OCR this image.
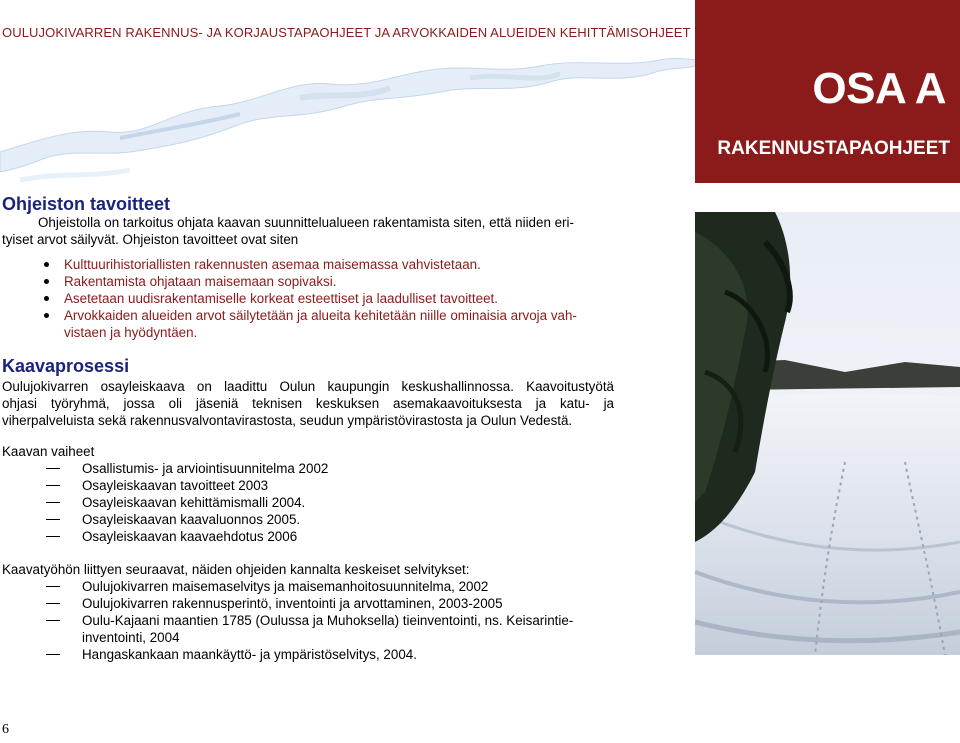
OULUJOKIVARREN RAKENNUS- JA KORJAUSTAPAOHJEET JA ARVOKKAIDEN ALUEIDEN KEHITTÄMISOHJEET
OSA A
RAKENNUSTAPAOHJEET
Ohjeiston tavoitteet
Ohjeistolla on tarkoitus ohjata kaavan suunnittelualueen rakentamista siten, että niiden eri-
tyiset arvot säilyvät. Ohjeiston tavoitteet ovat siten
Kulttuurihistoriallisten rakennusten asemaa maisemassa vahvistetaan.
Rakentamista ohjataan maisemaan sopivaksi.
Asetetaan uudisrakentamiselle korkeat esteettiset ja laadulliset tavoitteet.
Arvokkaiden alueiden arvot säilytetään ja alueita kehitetään niille ominaisia arvoja vah-
vistaen ja hyödyntäen.
Kaavaprosessi
Oulujokivarren osayleiskaava on laadittu Oulun kaupungin keskushallinnossa. Kaavoitustyötä
ohjasi työryhmä, jossa oli jäseniä teknisen keskuksen asemakaavoituksesta ja katu- ja
viherpalveluista sekä rakennusvalvontavirastosta, seudun ympäristövirastosta ja Oulun Vedestä.
Kaavan vaiheet
Osallistumis- ja arviointisuunnitelma 2002
Osayleiskaavan tavoitteet 2003
Osayleiskaavan kehittämismalli 2004.
Osayleiskaavan kaavaluonnos 2005.
Osayleiskaavan kaavaehdotus 2006
Kaavatyöhön liittyen seuraavat, näiden ohjeiden kannalta keskeiset selvitykset:
Oulujokivarren maisemaselvitys ja maisemanhoitosuunnitelma, 2002
Oulujokivarren rakennusperintö, inventointi ja arvottaminen, 2003-2005
Oulu-Kajaani maantien 1785 (Oulussa ja Muhoksella) tieinventointi, ns. Keisarintie-
inventointi, 2004
Hangaskankaan maankäyttö- ja ympäristöselvitys, 2004.
6
